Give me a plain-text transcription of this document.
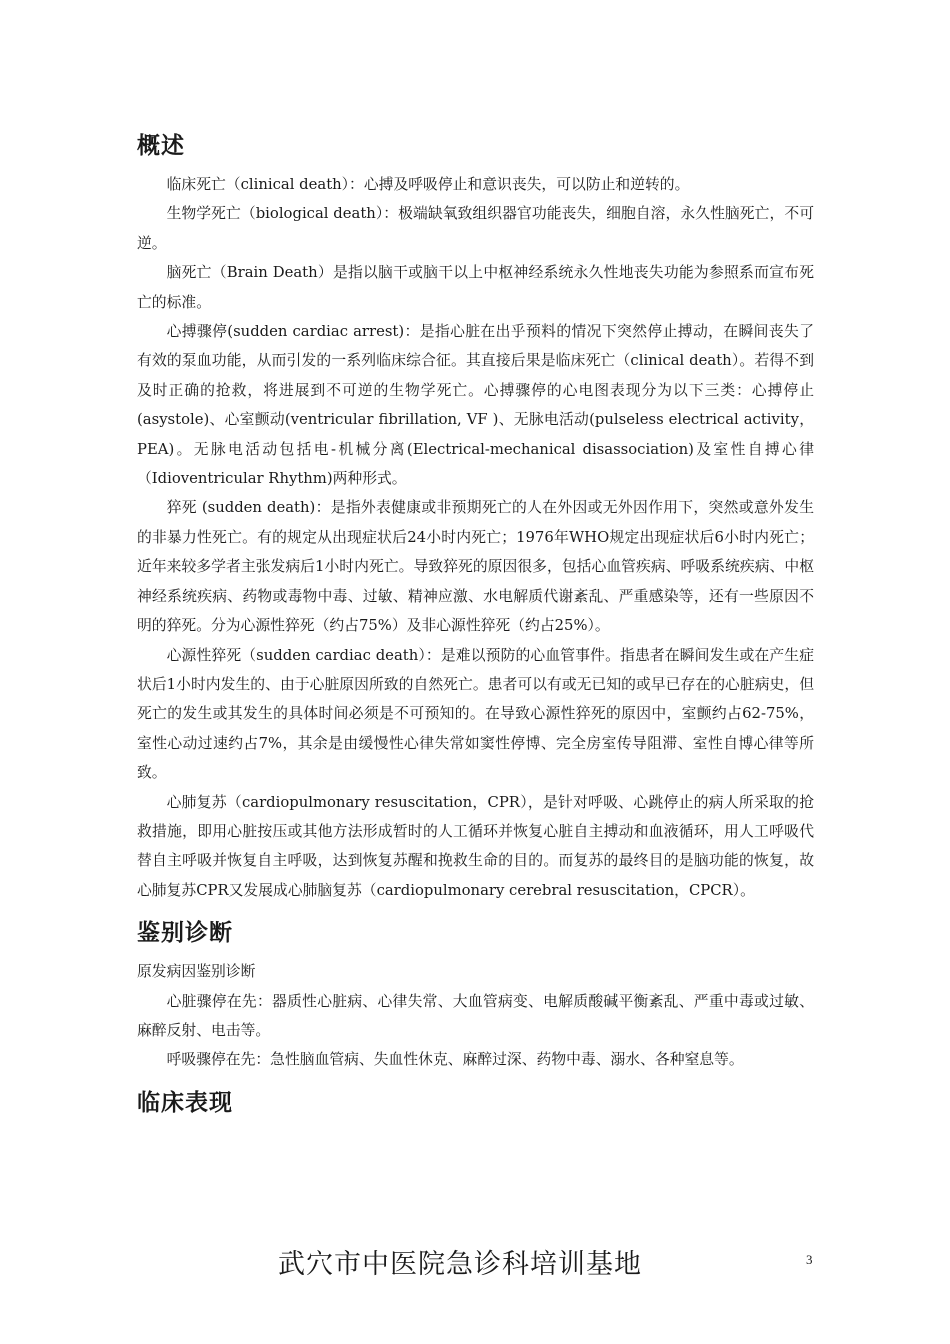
概述

临床死亡（clinical death）：心搏及呼吸停止和意识丧失，可以防止和逆转的。

生物学死亡（biological death）：极端缺氧致组织器官功能丧失，细胞自溶，永久性脑死亡，不可逆。

脑死亡（Brain Death）是指以脑干或脑干以上中枢神经系统永久性地丧失功能为参照系而宣布死亡的标准。

心搏骤停(sudden cardiac arrest)：是指心脏在出乎预料的情况下突然停止搏动，在瞬间丧失了有效的泵血功能，从而引发的一系列临床综合征。其直接后果是临床死亡（clinical death）。若得不到及时正确的抢救，将进展到不可逆的生物学死亡。心搏骤停的心电图表现分为以下三类：心搏停止(asystole)、心室颤动(ventricular fibrillation, VF )、无脉电活动(pulseless electrical activity，PEA)。无脉电活动包括电-机械分离(Electrical-mechanical disassociation)及室性自搏心律（Idioventricular Rhythm)两种形式。

猝死 (sudden death)：是指外表健康或非预期死亡的人在外因或无外因作用下，突然或意外发生的非暴力性死亡。有的规定从出现症状后24小时内死亡；1976年WHO规定出现症状后6小时内死亡；近年来较多学者主张发病后1小时内死亡。导致猝死的原因很多，包括心血管疾病、呼吸系统疾病、中枢神经系统疾病、药物或毒物中毒、过敏、精神应激、水电解质代谢紊乱、严重感染等，还有一些原因不明的猝死。分为心源性猝死（约占75%）及非心源性猝死（约占25%）。

心源性猝死（sudden cardiac death）：是难以预防的心血管事件。指患者在瞬间发生或在产生症状后1小时内发生的、由于心脏原因所致的自然死亡。患者可以有或无已知的或早已存在的心脏病史，但死亡的发生或其发生的具体时间必须是不可预知的。在导致心源性猝死的原因中，室颤约占62-75%，室性心动过速约占7%，其余是由缓慢性心律失常如窦性停博、完全房室传导阻滞、室性自博心律等所致。

心肺复苏（cardiopulmonary resuscitation，CPR），是针对呼吸、心跳停止的病人所采取的抢救措施，即用心脏按压或其他方法形成暂时的人工循环并恢复心脏自主搏动和血液循环，用人工呼吸代替自主呼吸并恢复自主呼吸，达到恢复苏醒和挽救生命的目的。而复苏的最终目的是脑功能的恢复，故心肺复苏CPR又发展成心肺脑复苏（cardiopulmonary cerebral resuscitation，CPCR）。

鉴别诊断

原发病因鉴别诊断

心脏骤停在先：器质性心脏病、心律失常、大血管病变、电解质酸碱平衡紊乱、严重中毒或过敏、麻醉反射、电击等。

呼吸骤停在先：急性脑血管病、失血性休克、麻醉过深、药物中毒、溺水、各种窒息等。

临床表现
武穴市中医院急诊科培训基地	3
